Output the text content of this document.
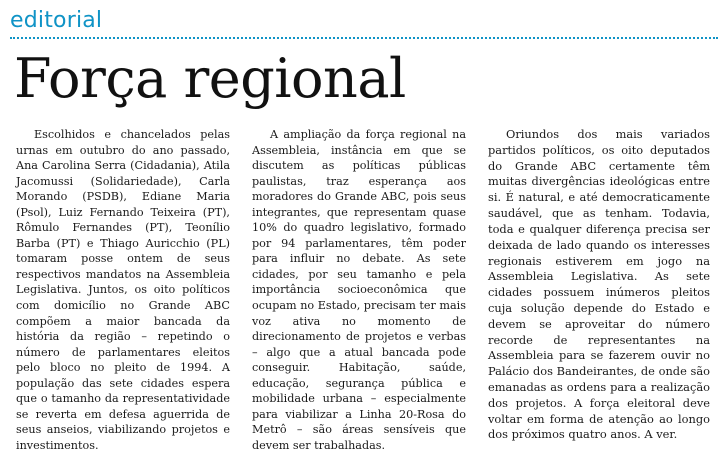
editorial
Força regional

Escolhidos e chancelados pelas urnas em outubro do ano passado, Ana Carolina Serra (Cidadania), Atila Jacomussi (Solidariedade), Carla Morando (PSDB), Ediane Maria (Psol), Luiz Fernando Teixeira (PT), Rômulo Fernandes (PT), Teonílio Barba (PT) e Thiago Auricchio (PL) tomaram posse ontem de seus respectivos mandatos na Assembleia Legislativa. Juntos, os oito políticos com domicílio no Grande ABC compõem a maior bancada da história da região – repetindo o número de parlamentares eleitos pelo bloco no pleito de 1994. A população das sete cidades espera que o tamanho da representatividade se reverta em defesa aguerrida de seus anseios, viabilizando projetos e investimentos.

A ampliação da força regional na Assembleia, instância em que se discutem as políticas públicas paulistas, traz esperança aos moradores do Grande ABC, pois seus integrantes, que representam quase 10% do quadro legislativo, formado por 94 parlamentares, têm poder para influir no debate. As sete cidades, por seu tamanho e pela importância socioeconômica que ocupam no Estado, precisam ter mais voz ativa no momento de direcionamento de projetos e verbas – algo que a atual bancada pode conseguir. Habitação, saúde, educação, segurança pública e mobilidade urbana – especialmente para viabilizar a Linha 20-Rosa do Metrô – são áreas sensíveis que devem ser trabalhadas.

Oriundos dos mais variados partidos políticos, os oito deputados do Grande ABC certamente têm muitas divergências ideológicas entre si. É natural, e até democraticamente saudável, que as tenham. Todavia, toda e qualquer diferença precisa ser deixada de lado quando os interesses regionais estiverem em jogo na Assembleia Legislativa. As sete cidades possuem inúmeros pleitos cuja solução depende do Estado e devem se aproveitar do número recorde de representantes na Assembleia para se fazerem ouvir no Palácio dos Bandeirantes, de onde são emanadas as ordens para a realização dos projetos. A força eleitoral deve voltar em forma de atenção ao longo dos próximos quatro anos. A ver.
